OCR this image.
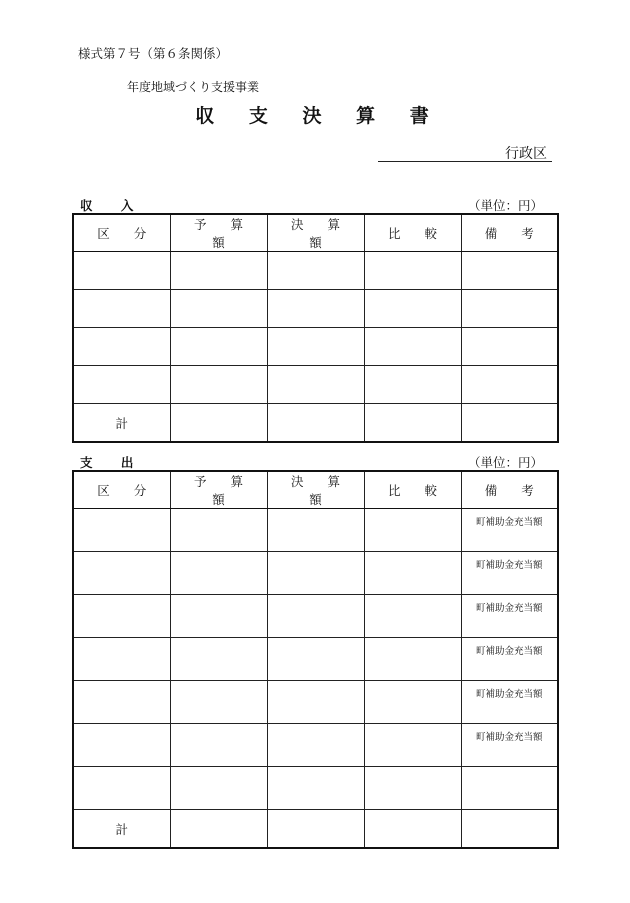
様式第７号（第６条関係）
年度地域づくり支援事業
収 支 決 算 書
行政区
収 入	（単位：円）
区 分	予 算 額	決 算 額	比 較	備 考

計				
支 出	（単位：円）
区 分	予 算 額	決 算 額	比 較	備 考
				町補助金充当額
				町補助金充当額
				町補助金充当額
				町補助金充当額
				町補助金充当額
				町補助金充当額

計				
